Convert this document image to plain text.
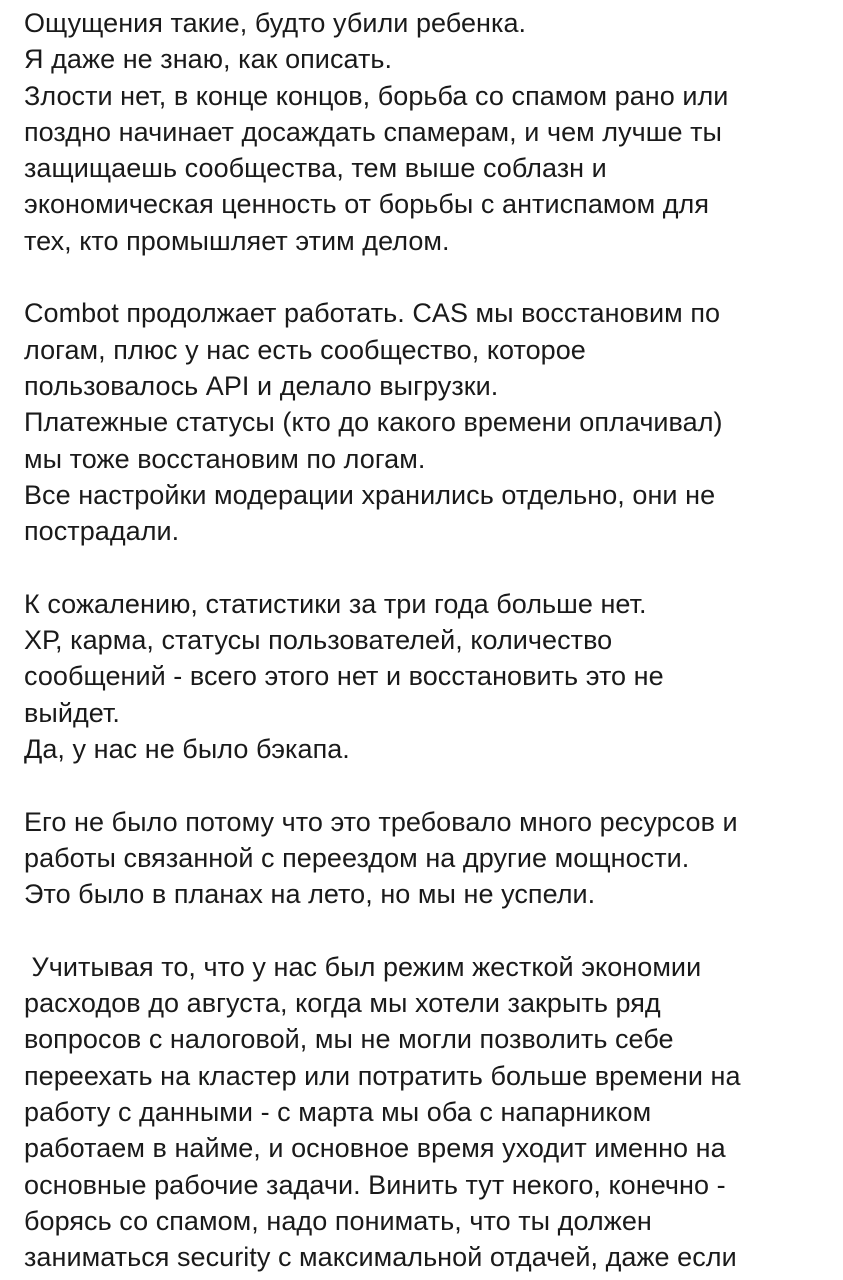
Ощущения такие, будто убили ребенка.
Я даже не знаю, как описать.
Злости нет, в конце концов, борьба со спамом рано или
поздно начинает досаждать спамерам, и чем лучше ты
защищаешь сообщества, тем выше соблазн и
экономическая ценность от борьбы с антиспамом для
тех, кто промышляет этим делом.
Combot продолжает работать. CAS мы восстановим по
логам, плюс у нас есть сообщество, которое
пользовалось API и делало выгрузки.
Платежные статусы (кто до какого времени оплачивал)
мы тоже восстановим по логам.
Все настройки модерации хранились отдельно, они не
пострадали.
К сожалению, статистики за три года больше нет.
ХР, карма, статусы пользователей, количество
сообщений - всего этого нет и восстановить это не
выйдет.
Да, у нас не было бэкапа.
Его не было потому что это требовало много ресурсов и
работы связанной с переездом на другие мощности.
Это было в планах на лето, но мы не успели.
Учитывая то, что у нас был режим жесткой экономии
расходов до августа, когда мы хотели закрыть ряд
вопросов с налоговой, мы не могли позволить себе
переехать на кластер или потратить больше времени на
работу с данными - с марта мы оба с напарником
работаем в найме, и основное время уходит именно на
основные рабочие задачи. Винить тут некого, конечно -
борясь со спамом, надо понимать, что ты должен
заниматься security с максимальной отдачей, даже если
